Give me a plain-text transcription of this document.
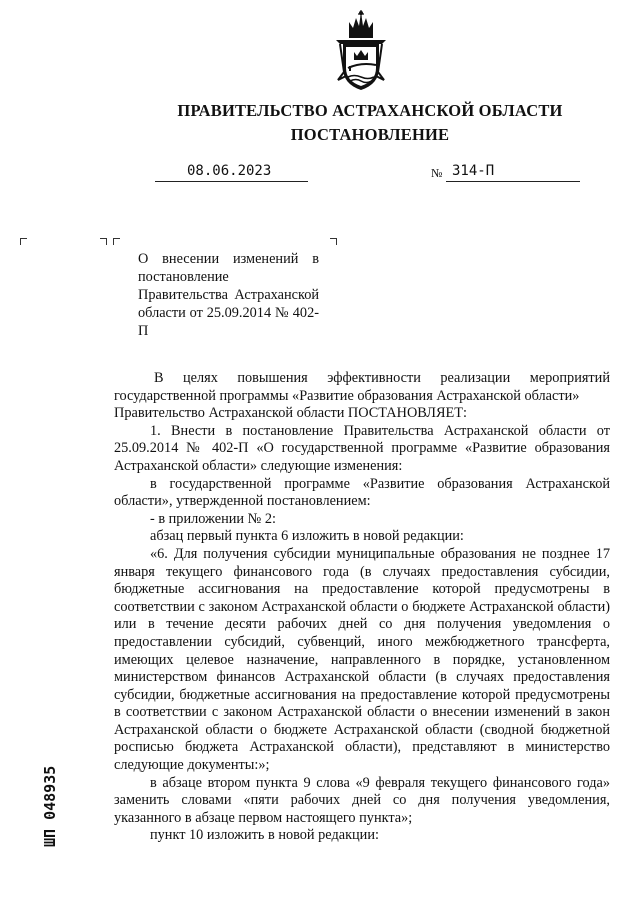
ПРАВИТЕЛЬСТВО АСТРАХАНСКОЙ ОБЛАСТИ
ПОСТАНОВЛЕНИЕ
08.06.2023	№ 314-П
О внесении изменений в постановление Правительства Астраханской области от 25.09.2014 № 402-П

В целях повышения эффективности реализации мероприятий государственной программы «Развитие образования Астраханской области»

Правительство Астраханской области ПОСТАНОВЛЯЕТ:

1. Внести в постановление Правительства Астраханской области от 25.09.2014 № 402-П «О государственной программе «Развитие образования Астраханской области» следующие изменения:

в государственной программе «Развитие образования Астраханской области», утвержденной постановлением:

- в приложении № 2:

абзац первый пункта 6 изложить в новой редакции:

«6. Для получения субсидии муниципальные образования не позднее 17 января текущего финансового года (в случаях предоставления субсидии, бюджетные ассигнования на предоставление которой предусмотрены в соответствии с законом Астраханской области о бюджете Астраханской области) или в течение десяти рабочих дней со дня получения уведомления о предоставлении субсидий, субвенций, иного межбюджетного трансферта, имеющих целевое назначение, направленного в порядке, установленном министерством финансов Астраханской области (в случаях предоставления субсидии, бюджетные ассигнования на предоставление которой предусмотрены в соответствии с законом Астраханской области о внесении изменений в закон Астраханской области о бюджете Астраханской области (сводной бюджетной росписью бюджета Астраханской области), представляют в министерство следующие документы:»;

в абзаце втором пункта 9 слова «9 февраля текущего финансового года» заменить словами «пяти рабочих дней со дня получения уведомления, указанного в абзаце первом настоящего пункта»;

пункт 10 изложить в новой редакции:

ШП 048935
